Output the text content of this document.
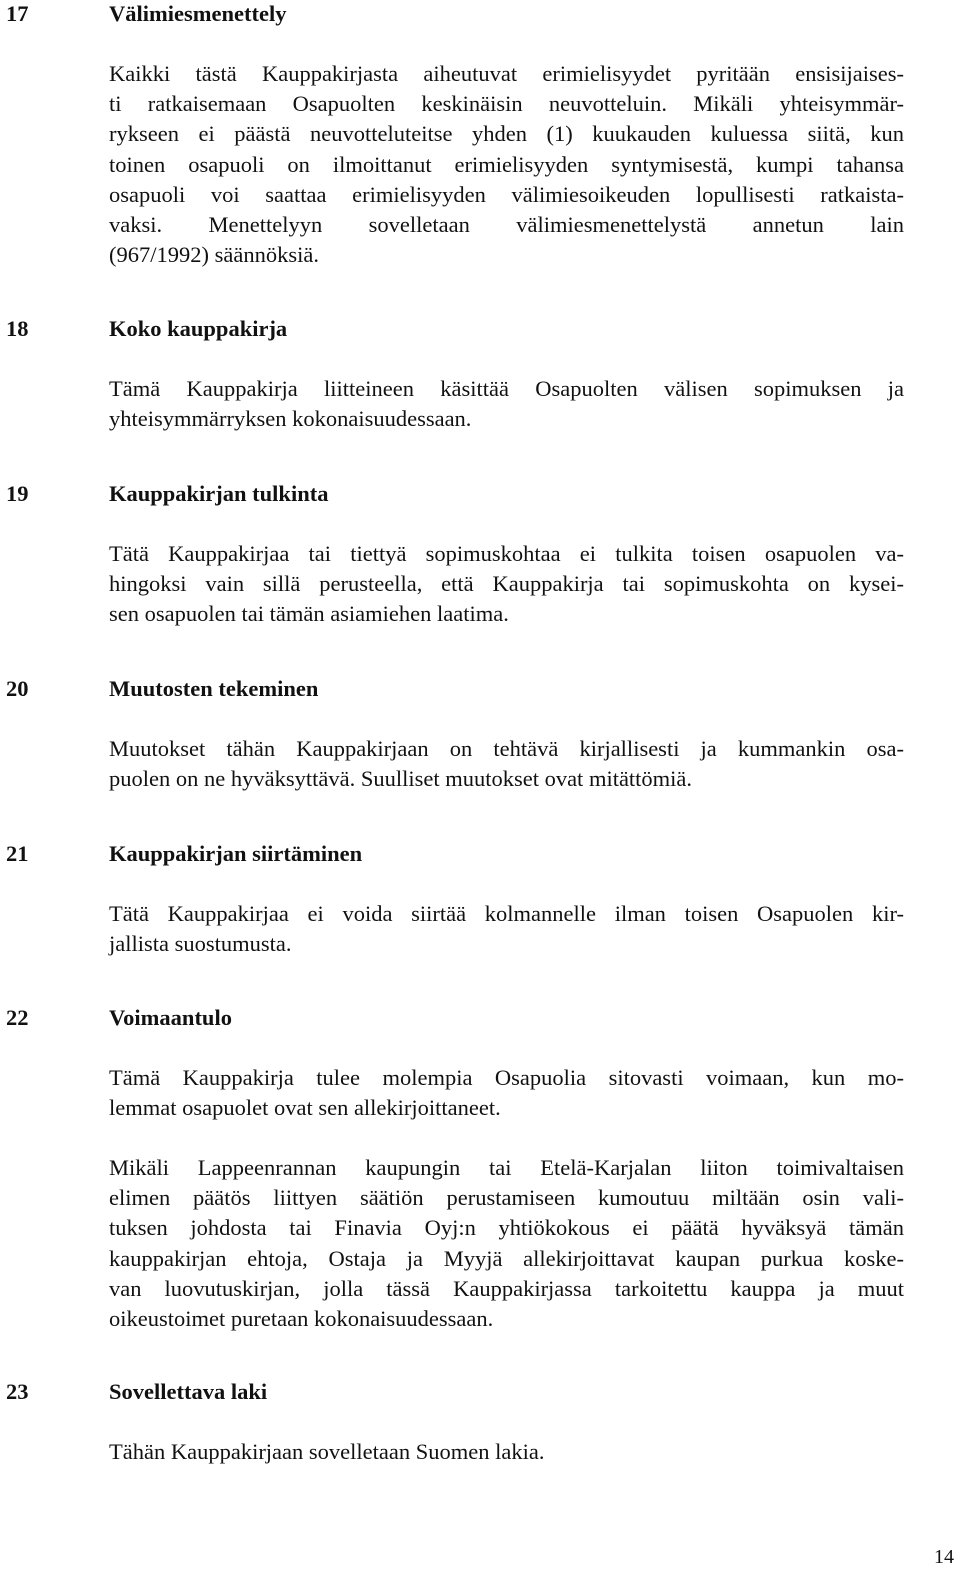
17	Välimiesmenettely
Kaikki tästä Kauppakirjasta aiheutuvat erimielisyydet pyritään ensisijaises-
ti ratkaisemaan Osapuolten keskinäisin neuvotteluin. Mikäli yhteisymmär-
rykseen ei päästä neuvotteluteitse yhden (1) kuukauden kuluessa siitä, kun
toinen osapuoli on ilmoittanut erimielisyyden syntymisestä, kumpi tahansa
osapuoli voi saattaa erimielisyyden välimiesoikeuden lopullisesti ratkaista-
vaksi. Menettelyyn sovelletaan välimiesmenettelystä annetun lain
(967/1992) säännöksiä.
18	Koko kauppakirja
Tämä Kauppakirja liitteineen käsittää Osapuolten välisen sopimuksen ja
yhteisymmärryksen kokonaisuudessaan.
19	Kauppakirjan tulkinta
Tätä Kauppakirjaa tai tiettyä sopimuskohtaa ei tulkita toisen osapuolen va-
hingoksi vain sillä perusteella, että Kauppakirja tai sopimuskohta on kysei-
sen osapuolen tai tämän asiamiehen laatima.
20	Muutosten tekeminen
Muutokset tähän Kauppakirjaan on tehtävä kirjallisesti ja kummankin osa-
puolen on ne hyväksyttävä. Suulliset muutokset ovat mitättömiä.
21	Kauppakirjan siirtäminen
Tätä Kauppakirjaa ei voida siirtää kolmannelle ilman toisen Osapuolen kir-
jallista suostumusta.
22	Voimaantulo
Tämä Kauppakirja tulee molempia Osapuolia sitovasti voimaan, kun mo-
lemmat osapuolet ovat sen allekirjoittaneet.
Mikäli Lappeenrannan kaupungin tai Etelä-Karjalan liiton toimivaltaisen
elimen päätös liittyen säätiön perustamiseen kumoutuu miltään osin vali-
tuksen johdosta tai Finavia Oyj:n yhtiökokous ei päätä hyväksyä tämän
kauppakirjan ehtoja, Ostaja ja Myyjä allekirjoittavat kaupan purkua koske-
van luovutuskirjan, jolla tässä Kauppakirjassa tarkoitettu kauppa ja muut
oikeustoimet puretaan kokonaisuudessaan.
23	Sovellettava laki
Tähän Kauppakirjaan sovelletaan Suomen lakia.
14
